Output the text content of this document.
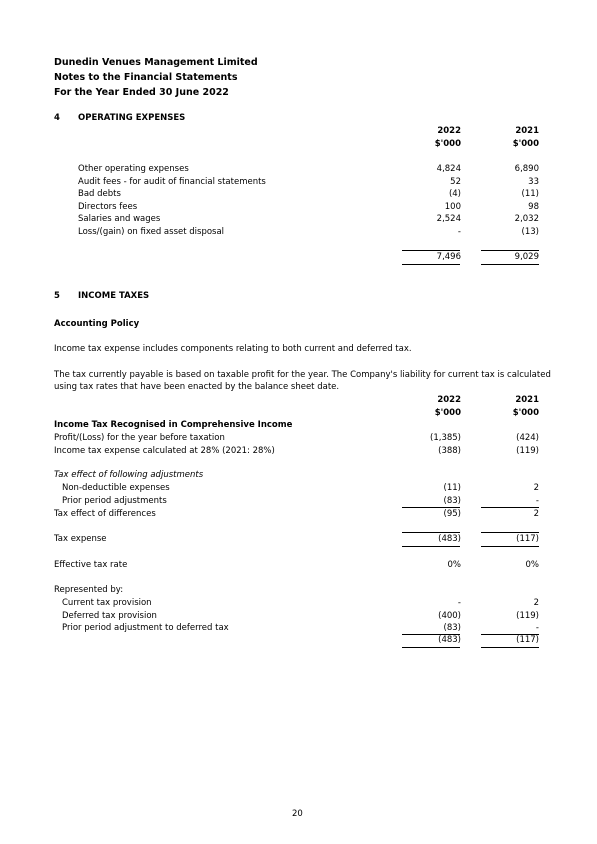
Dunedin Venues Management Limited
Notes to the Financial Statements
For the Year Ended 30 June 2022
4 OPERATING EXPENSES
2022	2021
$'000	$'000
Other operating expenses	4,824	6,890
Audit fees - for audit of financial statements	52	33
Bad debts	(4)	(11)
Directors fees	100	98
Salaries and wages	2,524	2,032
Loss/(gain) on fixed asset disposal	-	(13)
7,496	9,029
5 INCOME TAXES
Accounting Policy
Income tax expense includes components relating to both current and deferred tax.
The tax currently payable is based on taxable profit for the year. The Company's liability for current tax is calculated
using tax rates that have been enacted by the balance sheet date.
2022	2021
$'000	$'000
Income Tax Recognised in Comprehensive Income
Profit/(Loss) for the year before taxation	(1,385)	(424)
Income tax expense calculated at 28% (2021: 28%)	(388)	(119)
Tax effect of following adjustments
Non-deductible expenses	(11)	2
Prior period adjustments	(83)	-
Tax effect of differences	(95)	2
Tax expense	(483)	(117)
Effective tax rate	0%	0%
Represented by:
Current tax provision	-	2
Deferred tax provision	(400)	(119)
Prior period adjustment to deferred tax	(83)	-
(483)	(117)
20
